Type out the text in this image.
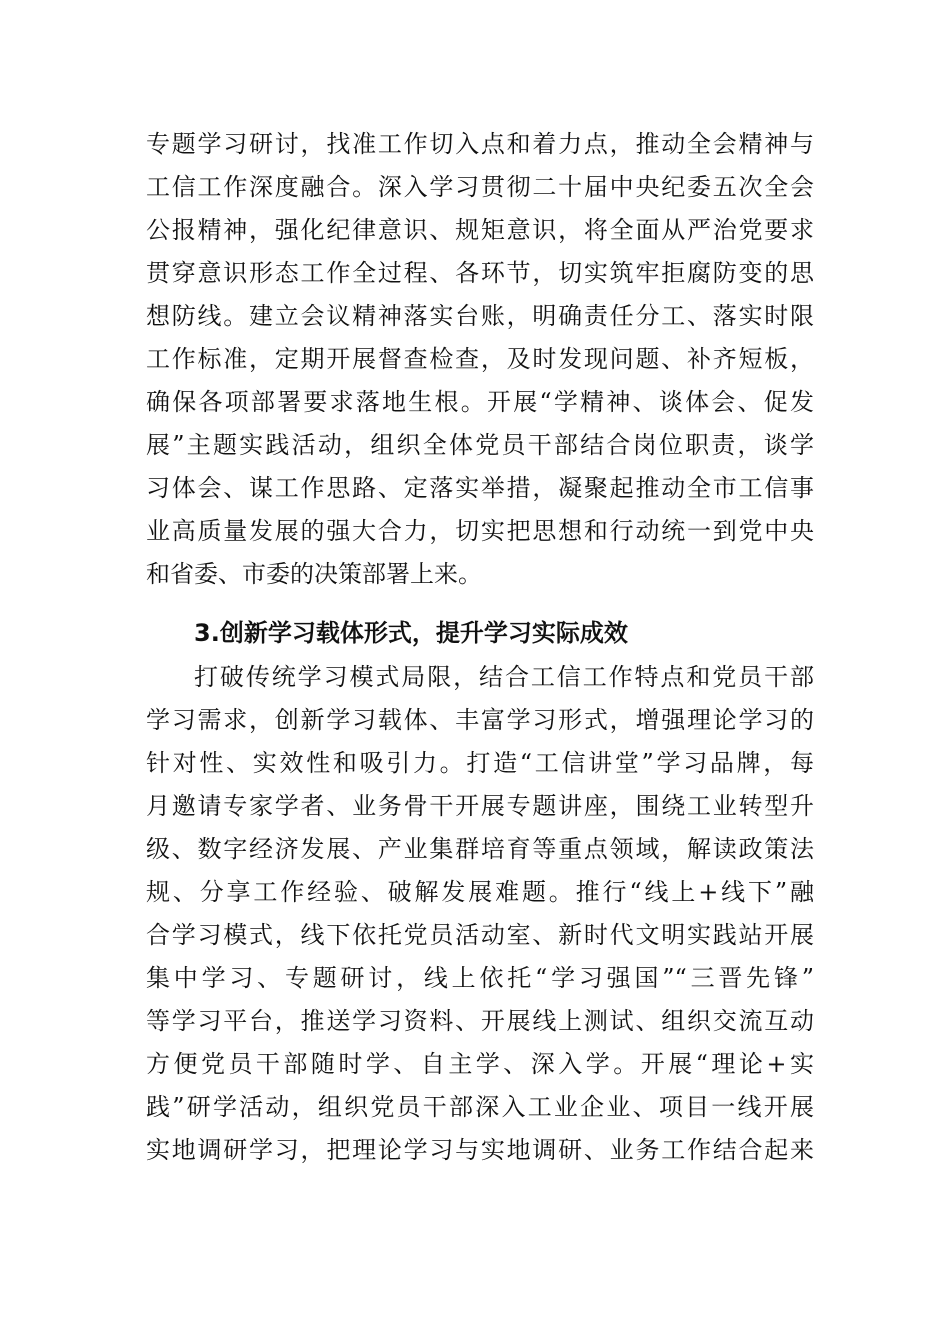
专题学习研讨，找准工作切入点和着力点，推动全会精神与
工信工作深度融合。深入学习贯彻二十届中央纪委五次全会
公报精神，强化纪律意识、规矩意识，将全面从严治党要求
贯穿意识形态工作全过程、各环节，切实筑牢拒腐防变的思
想防线。建立会议精神落实台账，明确责任分工、落实时限
工作标准，定期开展督查检查，及时发现问题、补齐短板，
确保各项部署要求落地生根。开展“学精神、谈体会、促发
展”主题实践活动，组织全体党员干部结合岗位职责，谈学
习体会、谋工作思路、定落实举措，凝聚起推动全市工信事
业高质量发展的强大合力，切实把思想和行动统一到党中央
和省委、市委的决策部署上来。
3.创新学习载体形式，提升学习实际成效
打破传统学习模式局限，结合工信工作特点和党员干部
学习需求，创新学习载体、丰富学习形式，增强理论学习的
针对性、实效性和吸引力。打造“工信讲堂”学习品牌，每
月邀请专家学者、业务骨干开展专题讲座，围绕工业转型升
级、数字经济发展、产业集群培育等重点领域，解读政策法
规、分享工作经验、破解发展难题。推行“线上+线下”融
合学习模式，线下依托党员活动室、新时代文明实践站开展
集中学习、专题研讨，线上依托“学习强国”“三晋先锋”
等学习平台，推送学习资料、开展线上测试、组织交流互动
方便党员干部随时学、自主学、深入学。开展“理论+实
践”研学活动，组织党员干部深入工业企业、项目一线开展
实地调研学习，把理论学习与实地调研、业务工作结合起来
